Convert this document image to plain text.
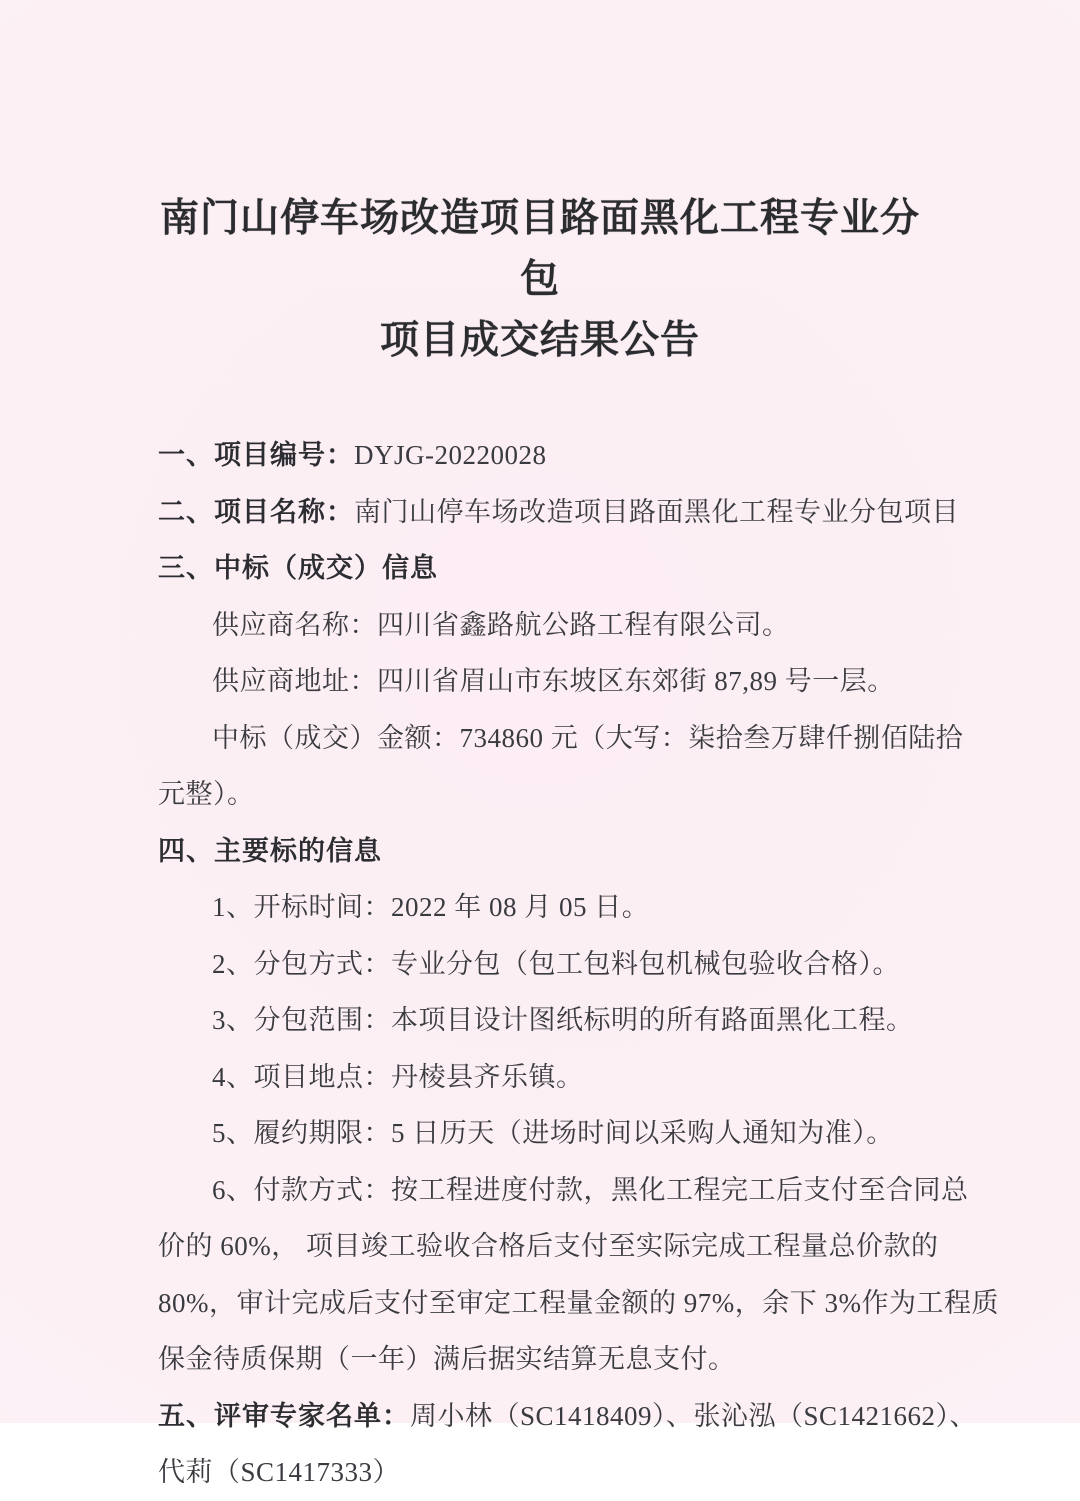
南门山停车场改造项目路面黑化工程专业分包
项目成交结果公告
一、项目编号：DYJG-20220028
二、项目名称：南门山停车场改造项目路面黑化工程专业分包项目
三、中标（成交）信息
供应商名称：四川省鑫路航公路工程有限公司。
供应商地址：四川省眉山市东坡区东郊街 87,89 号一层。
中标（成交）金额：734860 元（大写：柒拾叁万肆仟捌佰陆拾
元整）。
四、主要标的信息
1、开标时间：2022 年 08 月 05 日。
2、分包方式：专业分包（包工包料包机械包验收合格）。
3、分包范围：本项目设计图纸标明的所有路面黑化工程。
4、项目地点：丹棱县齐乐镇。
5、履约期限：5 日历天（进场时间以采购人通知为准）。
6、付款方式：按工程进度付款，黑化工程完工后支付至合同总
价的 60%， 项目竣工验收合格后支付至实际完成工程量总价款的
80%，审计完成后支付至审定工程量金额的 97%，余下 3%作为工程质
保金待质保期（一年）满后据实结算无息支付。
五、评审专家名单：周小林（SC1418409）、张沁泓（SC1421662）、
代莉（SC1417333）
